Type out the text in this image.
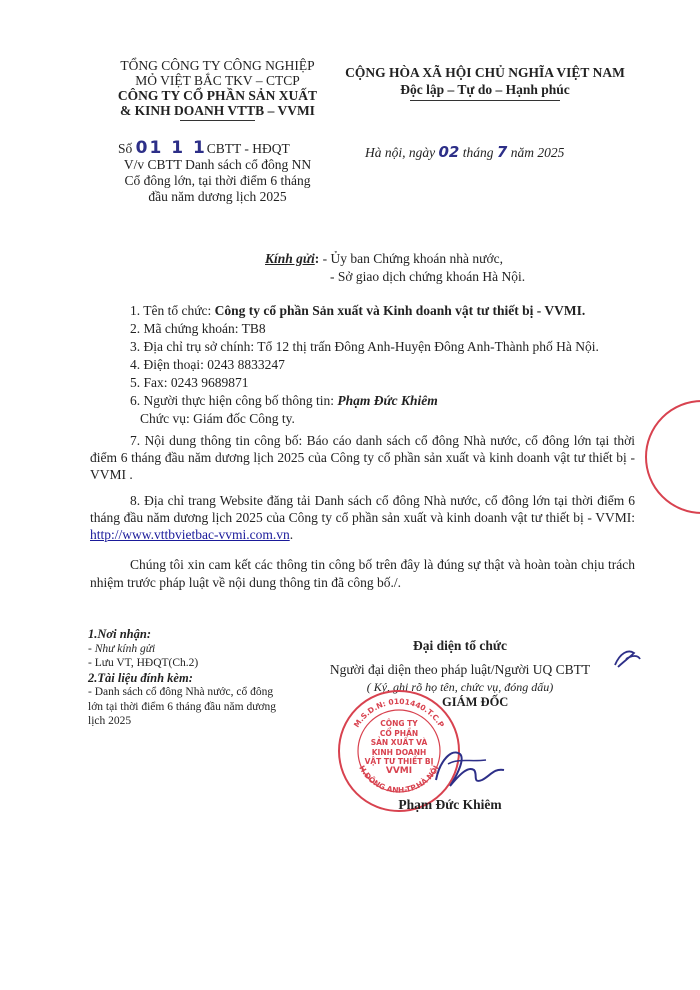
TỔNG CÔNG TY CÔNG NGHIỆP
MỎ VIỆT BẮC TKV – CTCP
CÔNG TY CỔ PHẦN SẢN XUẤT
& KINH DOANH VTTB – VVMI
Số 01 1 1CBTT - HĐQT
V/v CBTT Danh sách cổ đông NN
Cổ đông lớn, tại thời điểm 6 tháng
đầu năm dương lịch 2025
CỘNG HÒA XÃ HỘI CHỦ NGHĨA VIỆT NAM
Độc lập – Tự do – Hạnh phúc
Hà nội, ngày 02 tháng 7 năm 2025
Kính gửi: - Ủy ban Chứng khoán nhà nước,
- Sở giao dịch chứng khoán Hà Nội.
1. Tên tổ chức: Công ty cổ phần Sản xuất và Kinh doanh vật tư thiết bị - VVMI.
2. Mã chứng khoán: TB8
3. Địa chỉ trụ sở chính: Tổ 12 thị trấn Đông Anh-Huyện Đông Anh-Thành phố Hà Nội.
4. Điện thoại: 0243 8833247
5. Fax: 0243 9689871
6. Người thực hiện công bố thông tin: Phạm Đức Khiêm
Chức vụ: Giám đốc Công ty.
7. Nội dung thông tin công bố: Báo cáo danh sách cổ đông Nhà nước, cổ đông lớn tại thời điểm 6 tháng đầu năm dương lịch 2025 của Công ty cổ phần sản xuất và kinh doanh vật tư thiết bị - VVMI .
8. Địa chỉ trang Website đăng tải Danh sách cổ đông Nhà nước, cổ đông lớn tại thời điểm 6 tháng đầu năm dương lịch 2025 của Công ty cổ phần sản xuất và kinh doanh vật tư thiết bị - VVMI: http://www.vttbvietbac-vvmi.com.vn.
Chúng tôi xin cam kết các thông tin công bố trên đây là đúng sự thật và hoàn toàn chịu trách nhiệm trước pháp luật về nội dung thông tin đã công bố./.
1.Nơi nhận:
- Như kính gửi
- Lưu VT, HĐQT(Ch.2)
2.Tài liệu đính kèm:
- Danh sách cổ đông Nhà nước, cổ đông lớn tại thời điểm 6 tháng đầu năm dương lịch 2025
Đại diện tổ chức
Người đại diện theo pháp luật/Người UQ CBTT
( Ký, ghi rõ họ tên, chức vụ, đóng dấu)
GIÁM ĐỐC
M.S.D.N: 0101440.T.C.P
H.ĐÔNG ANH-TP.HÀ NỘI
CÔNG TY
CỔ PHẦN
SẢN XUẤT VÀ
KINH DOANH
VẬT TƯ THIẾT BỊ
VVMI
Phạm Đức Khiêm
